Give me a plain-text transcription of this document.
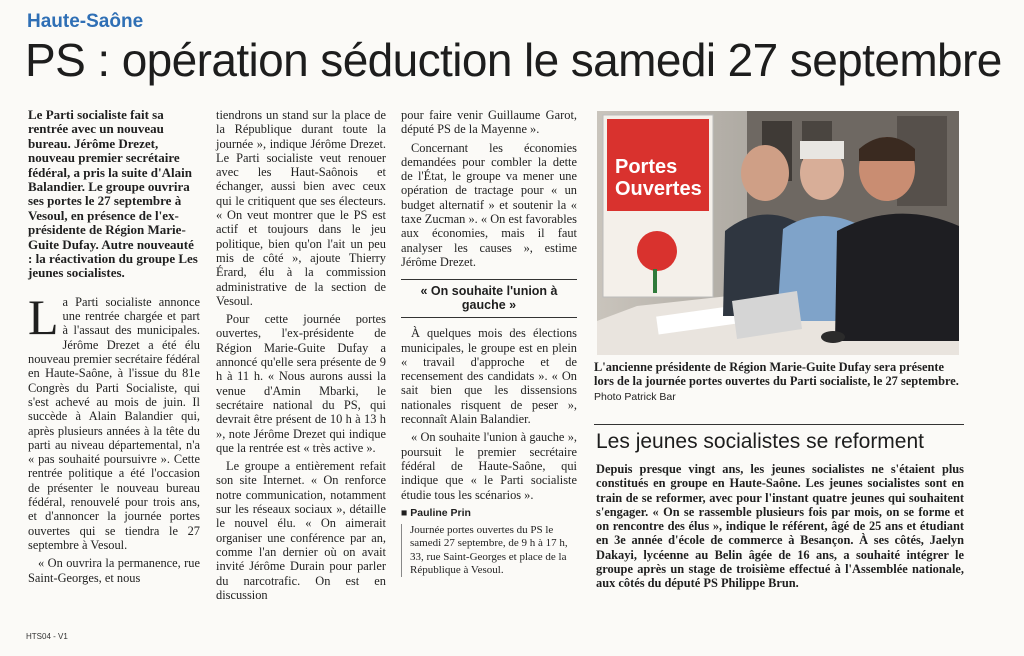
Haute-Saône
PS : opération séduction le samedi 27 septembre
Le Parti socialiste fait sa rentrée avec un nouveau bureau. Jérôme Drezet, nouveau premier secrétaire fédéral, a pris la suite d'Alain Balandier. Le groupe ouvrira ses portes le 27 septembre à Vesoul, en présence de l'ex-présidente de Région Marie-Guite Dufay. Autre nouveauté : la réactivation du groupe Les jeunes socialistes.

La Parti socialiste annonce une rentrée chargée et part à l'assaut des municipales. Jérôme Drezet a été élu nouveau premier secrétaire fédéral en Haute-Saône, à l'issue du 81e Congrès du Parti Socialiste, qui s'est achevé au mois de juin. Il succède à Alain Balandier qui, après plusieurs années à la tête du parti au niveau départemental, n'a « pas souhaité poursuivre ». Cette rentrée politique a été l'occasion de présenter le nouveau bureau fédéral, renouvelé pour trois ans, et d'annoncer la journée portes ouvertes qui se tiendra le 27 septembre à Vesoul.

« On ouvrira la permanence, rue Saint-Georges, et nous

tiendrons un stand sur la place de la République durant toute la journée », indique Jérôme Drezet. Le Parti socialiste veut renouer avec les Haut-Saônois et échanger, aussi bien avec ceux qui le critiquent que ses électeurs. « On veut montrer que le PS est actif et toujours dans le jeu politique, bien qu'on l'ait un peu mis de côté », ajoute Thierry Érard, élu à la commission administrative de la section de Vesoul.

Pour cette journée portes ouvertes, l'ex-présidente de Région Marie-Guite Dufay a annoncé qu'elle sera présente de 9 h à 11 h. « Nous aurons aussi la venue d'Amin Mbarki, le secrétaire national du PS, qui devrait être présent de 10 h à 13 h », note Jérôme Drezet qui indique que la rentrée est « très active ».

Le groupe a entièrement refait son site Internet. « On renforce notre communication, notamment sur les réseaux sociaux », détaille le nouvel élu. « On aimerait organiser une conférence par an, comme l'an dernier où on avait invité Jérôme Durain pour parler du narcotrafic. On est en discussion

pour faire venir Guillaume Garot, député PS de la Mayenne ».

Concernant les économies demandées pour combler la dette de l'État, le groupe va mener une opération de tractage pour « un budget alternatif » et soutenir la « taxe Zucman ». « On est favorables aux économies, mais il faut analyser les causes », estime Jérôme Drezet.

« On souhaite l'union à gauche »

À quelques mois des élections municipales, le groupe est en plein « travail d'approche et de recensement des candidats ». « On sait bien que les dissensions nationales risquent de peser », reconnaît Alain Balandier.

« On souhaite l'union à gauche », poursuit le premier secrétaire fédéral de Haute-Saône, qui indique que « le Parti socialiste étudie tous les scénarios ».

■ Pauline Prin

Journée portes ouvertes du PS le samedi 27 septembre, de 9 h à 17 h, 33, rue Saint-Georges et place de la République à Vesoul.
Portes
Ouvertes
L'ancienne présidente de Région Marie-Guite Dufay sera présente lors de la journée portes ouvertes du Parti socialiste, le 27 septembre. Photo Patrick Bar
Les jeunes socialistes se reforment
Depuis presque vingt ans, les jeunes socialistes ne s'étaient plus constitués en groupe en Haute-Saône. Les jeunes socialistes sont en train de se reformer, avec pour l'instant quatre jeunes qui souhaitent s'engager. « On se rassemble plusieurs fois par mois, on se forme et on rencontre des élus », indique le référent, âgé de 25 ans et étudiant en 3e année d'école de commerce à Besançon. À ses côtés, Jaelyn Dakayi, lycéenne au Belin âgée de 16 ans, a souhaité intégrer le groupe après un stage de troisième effectué à l'Assemblée nationale, aux côtés du député PS Philippe Brun.
HTS04 - V1
